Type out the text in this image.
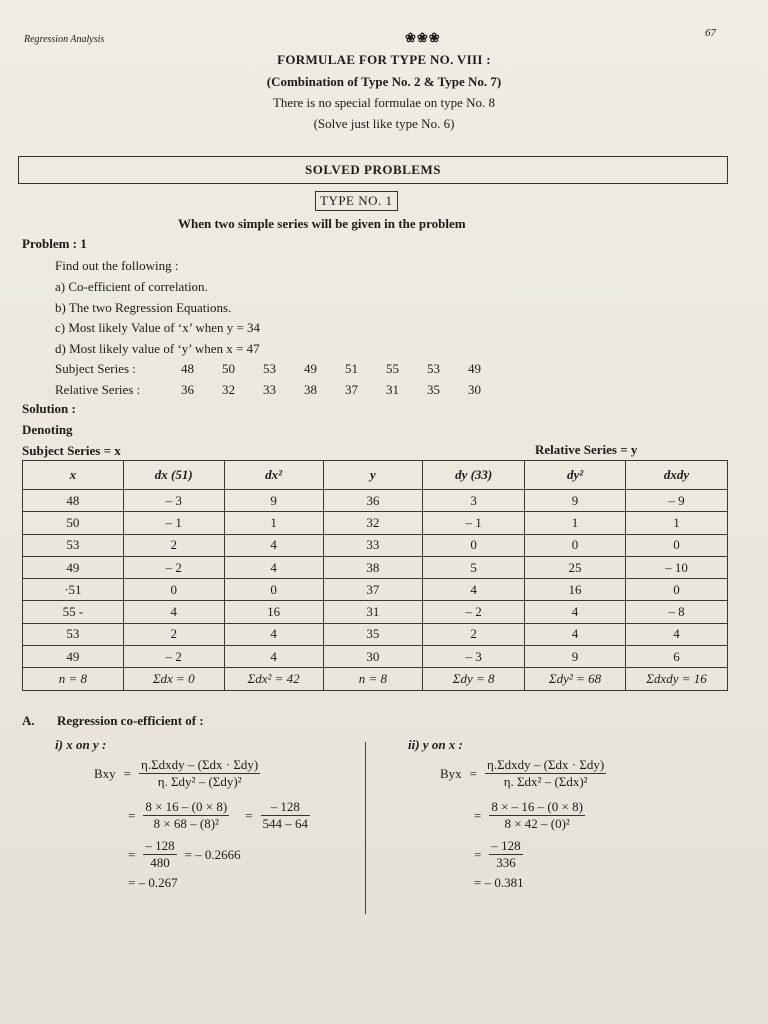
Regression Analysis	❀❀❀	67
FORMULAE FOR TYPE NO. VIII :
(Combination of Type No. 2 & Type No. 7)
There is no special formulae on type No. 8
(Solve just like type No. 6)
SOLVED PROBLEMS
TYPE NO. 1
When two simple series will be given in the problem
Problem : 1
Find out the following :
a) Co-efficient of correlation.
b) The two Regression Equations.
c) Most likely Value of ‘x’ when y = 34
d) Most likely value of ‘y’ when x = 47
Subject Series :	48	50	53	49	51	55	53	49
Relative Series :	36	32	33	38	37	31	35	30
Solution :
Denoting
Subject Series = x	Relative Series = y
x	dx (51)	dx²	y	dy (33)	dy²	dxdy
48	– 3	9	36	3	9	– 9
50	– 1	1	32	– 1	1	1
53	2	4	33	0	0	0
49	– 2	4	38	5	25	– 10
·51	0	0	37	4	16	0
55 -	4	16	31	– 2	4	– 8
53	2	4	35	2	4	4
49	– 2	4	30	– 3	9	6
n = 8	Σdx = 0	Σdx² = 42	n = 8	Σdy = 8	Σdy² = 68	Σdxdy = 16
A. Regression co-efficient of :
i) x on y :	ii) y on x :
Bxy = $\frac{\text{η.Σdxdy – (Σdx · Σdy)}}{\text{η. Σdy² – (Σdy)²}}$
= $\frac{8 \times 16 - (0 \times 8)}{\text{8 × 68 – (8)²}} = \frac{- 128}{544 - 64}$
= $\frac{- 128}{480}$ = – 0.2666
= – 0.267
Byx = $\frac{\text{η.Σdxdy – (Σdx · Σdy)}}{\text{η. Σdx² – (Σdx)²}}$
= $\frac{8 \times - 16 - (0 \times 8)}{\text{8 × 42 – (0)²}}$
= $\frac{- 128}{336}$
= – 0.381
